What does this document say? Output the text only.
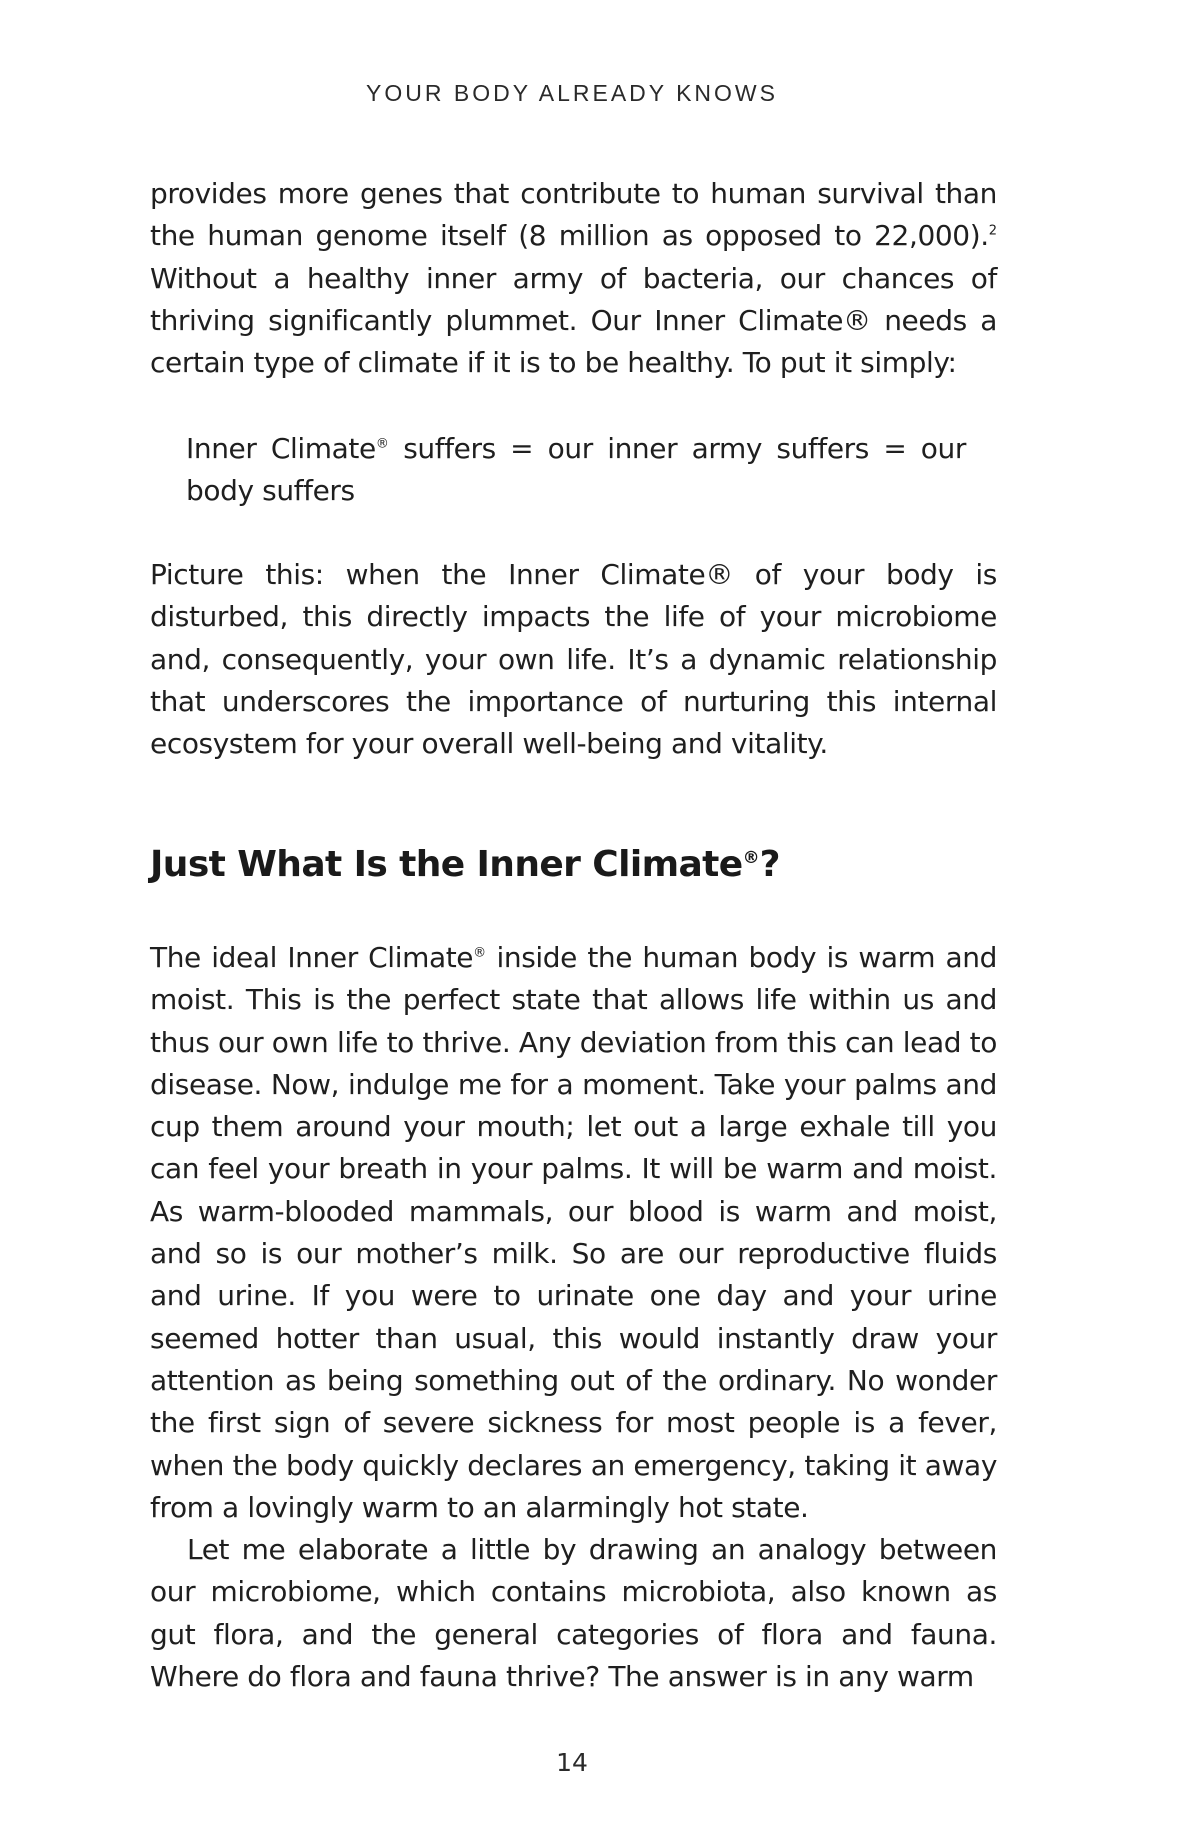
YOUR BODY ALREADY KNOWS

provides more genes that contribute to human survival than the human genome itself (8 million as opposed to 22,000).$^2$ Without a healthy inner army of bacteria, our chances of thriving significantly plummet. Our Inner Climate® needs a certain type of climate if it is to be healthy. To put it simply:

Inner Climate® suffers = our inner army suffers = our body suffers

Picture this: when the Inner Climate® of your body is disturbed, this directly impacts the life of your microbiome and, consequently, your own life. It’s a dynamic relationship that underscores the importance of nurturing this internal ecosystem for your overall well-being and vitality.

Just What Is the Inner Climate®?

The ideal Inner Climate® inside the human body is warm and moist. This is the perfect state that allows life within us and thus our own life to thrive. Any deviation from this can lead to disease. Now, indulge me for a moment. Take your palms and cup them around your mouth; let out a large exhale till you can feel your breath in your palms. It will be warm and moist. As warm-blooded mammals, our blood is warm and moist, and so is our mother’s milk. So are our reproductive fluids and urine. If you were to urinate one day and your urine seemed hotter than usual, this would instantly draw your attention as being something out of the ordinary. No wonder the first sign of severe sickness for most people is a fever, when the body quickly declares an emergency, taking it away from a lovingly warm to an alarmingly hot state.

Let me elaborate a little by drawing an analogy between our microbiome, which contains microbiota, also known as gut flora, and the general categories of flora and fauna. Where do flora and fauna thrive? The answer is in any warm

14
